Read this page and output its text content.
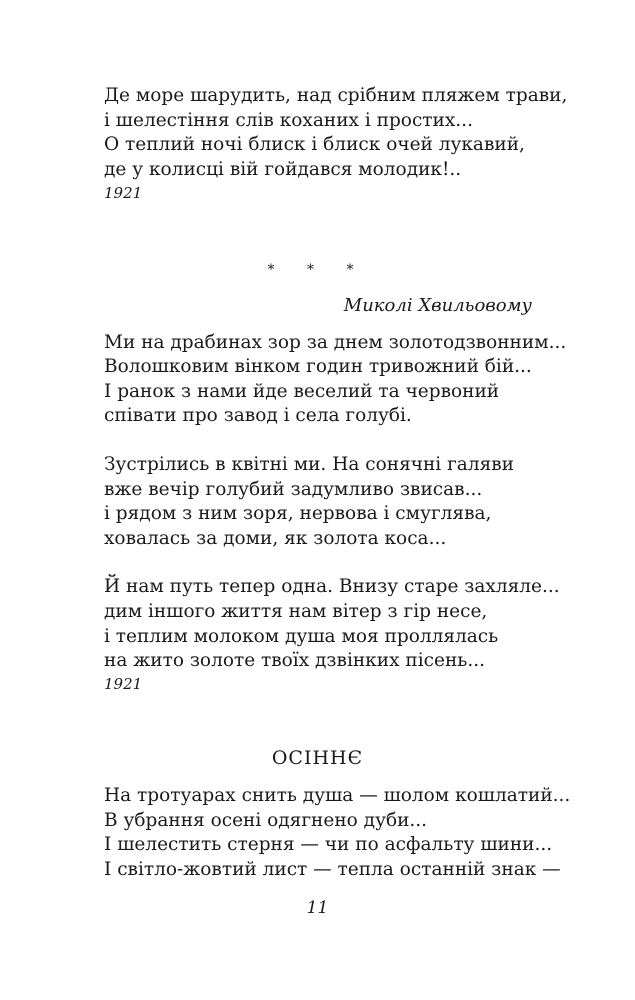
Де море шарудить, над срібним пляжем трави,
і шелестіння слів коханих і простих...
О теплий ночі блиск і блиск очей лукавий,
де у колисці вій гойдався молодик!..
1921
* * *
Миколі Хвильовому
Ми на драбинах зор за днем золотодзвонним...
Волошковим вінком годин тривожний бій...
І ранок з нами йде веселий та червоний
співати про завод і села голубі.
Зустрілись в квітні ми. На сонячні галяви
вже вечір голубий задумливо звисав...
і рядом з ним зоря, нервова і смуглява,
ховалась за доми, як золота коса...
Й нам путь тепер одна. Внизу старе захляле...
дим іншого життя нам вітер з гір несе,
і теплим молоком душа моя проллялась
на жито золоте твоїх дзвінких пісень...
1921
ОСІННЄ
На тротуарах снить душа — шолом кошлатий...
В убрання осені одягнено дуби...
І шелестить стерня — чи по асфальту шини...
І світло-жовтий лист — тепла останній знак —
11
